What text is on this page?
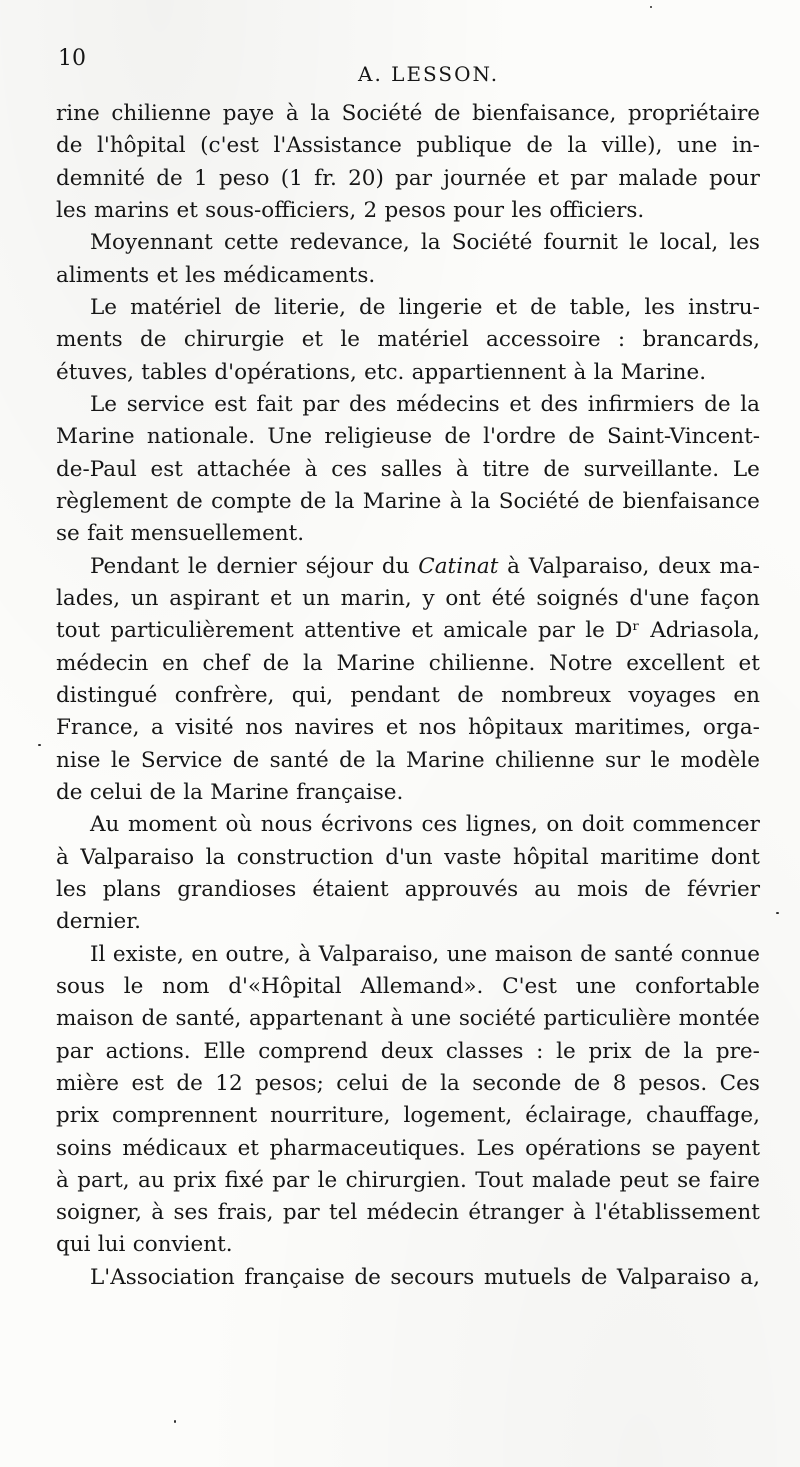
10
A. LESSON.
rine chilienne paye à la Société de bienfaisance, propriétaire
de l'hôpital (c'est l'Assistance publique de la ville), une in-
demnité de 1 peso (1 fr. 20) par journée et par malade pour
les marins et sous-officiers, 2 pesos pour les officiers.
Moyennant cette redevance, la Société fournit le local, les
aliments et les médicaments.
Le matériel de literie, de lingerie et de table, les instru-
ments de chirurgie et le matériel accessoire : brancards,
étuves, tables d'opérations, etc. appartiennent à la Marine.
Le service est fait par des médecins et des infirmiers de la
Marine nationale. Une religieuse de l'ordre de Saint-Vincent-
de-Paul est attachée à ces salles à titre de surveillante. Le
règlement de compte de la Marine à la Société de bienfaisance
se fait mensuellement.
Pendant le dernier séjour du Catinat à Valparaiso, deux ma-
lades, un aspirant et un marin, y ont été soignés d'une façon
tout particulièrement attentive et amicale par le Dʳ Adriasola,
médecin en chef de la Marine chilienne. Notre excellent et
distingué confrère, qui, pendant de nombreux voyages en
France, a visité nos navires et nos hôpitaux maritimes, orga-
nise le Service de santé de la Marine chilienne sur le modèle
de celui de la Marine française.
Au moment où nous écrivons ces lignes, on doit commencer
à Valparaiso la construction d'un vaste hôpital maritime dont
les plans grandioses étaient approuvés au mois de février
dernier.
Il existe, en outre, à Valparaiso, une maison de santé connue
sous le nom d'«Hôpital Allemand». C'est une confortable
maison de santé, appartenant à une société particulière montée
par actions. Elle comprend deux classes : le prix de la pre-
mière est de 12 pesos; celui de la seconde de 8 pesos. Ces
prix comprennent nourriture, logement, éclairage, chauffage,
soins médicaux et pharmaceutiques. Les opérations se payent
à part, au prix fixé par le chirurgien. Tout malade peut se faire
soigner, à ses frais, par tel médecin étranger à l'établissement
qui lui convient.
L'Association française de secours mutuels de Valparaiso a,
